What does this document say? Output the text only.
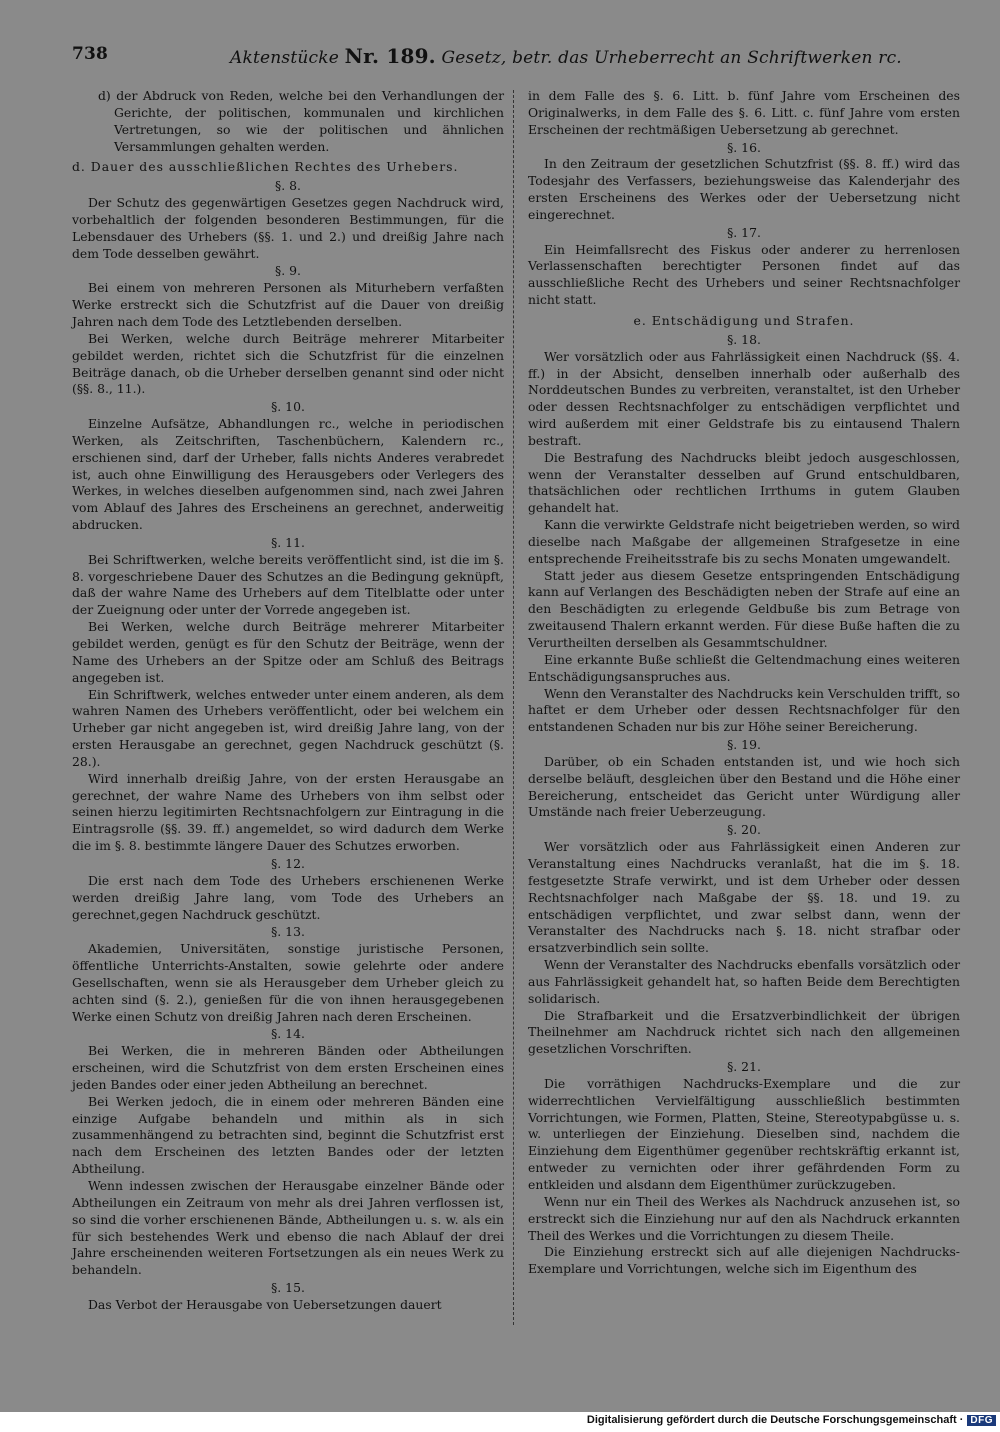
738	Aktenstücke Nr. 189. Gesetz, betr. das Urheberrecht an Schriftwerken rc.

d) der Abdruck von Reden, welche bei den Verhandlungen der Gerichte, der politischen, kommunalen und kirchlichen Vertretungen, so wie der politischen und ähnlichen Versammlungen gehalten werden.

d. Dauer des ausschließlichen Rechtes des Urhebers.

§. 8.

Der Schutz des gegenwärtigen Gesetzes gegen Nachdruck wird, vorbehaltlich der folgenden besonderen Bestimmungen, für die Lebensdauer des Urhebers (§§. 1. und 2.) und dreißig Jahre nach dem Tode desselben gewährt.

§. 9.

Bei einem von mehreren Personen als Miturhebern verfaßten Werke erstreckt sich die Schutzfrist auf die Dauer von dreißig Jahren nach dem Tode des Letztlebenden derselben.

Bei Werken, welche durch Beiträge mehrerer Mitarbeiter gebildet werden, richtet sich die Schutzfrist für die einzelnen Beiträge danach, ob die Urheber derselben genannt sind oder nicht (§§. 8., 11.).

§. 10.

Einzelne Aufsätze, Abhandlungen rc., welche in periodischen Werken, als Zeitschriften, Taschenbüchern, Kalendern rc., erschienen sind, darf der Urheber, falls nichts Anderes verabredet ist, auch ohne Einwilligung des Herausgebers oder Verlegers des Werkes, in welches dieselben aufgenommen sind, nach zwei Jahren vom Ablauf des Jahres des Erscheinens an gerechnet, anderweitig abdrucken.

§. 11.

Bei Schriftwerken, welche bereits veröffentlicht sind, ist die im §. 8. vorgeschriebene Dauer des Schutzes an die Bedingung geknüpft, daß der wahre Name des Urhebers auf dem Titelblatte oder unter der Zueignung oder unter der Vorrede angegeben ist.

Bei Werken, welche durch Beiträge mehrerer Mitarbeiter gebildet werden, genügt es für den Schutz der Beiträge, wenn der Name des Urhebers an der Spitze oder am Schluß des Beitrags angegeben ist.

Ein Schriftwerk, welches entweder unter einem anderen, als dem wahren Namen des Urhebers veröffentlicht, oder bei welchem ein Urheber gar nicht angegeben ist, wird dreißig Jahre lang, von der ersten Herausgabe an gerechnet, gegen Nachdruck geschützt (§. 28.).

Wird innerhalb dreißig Jahre, von der ersten Herausgabe an gerechnet, der wahre Name des Urhebers von ihm selbst oder seinen hierzu legitimirten Rechtsnachfolgern zur Eintragung in die Eintragsrolle (§§. 39. ff.) angemeldet, so wird dadurch dem Werke die im §. 8. bestimmte längere Dauer des Schutzes erworben.

§. 12.

Die erst nach dem Tode des Urhebers erschienenen Werke werden dreißig Jahre lang, vom Tode des Urhebers an gerechnet,gegen Nachdruck geschützt.

§. 13.

Akademien, Universitäten, sonstige juristische Personen, öffentliche Unterrichts-Anstalten, sowie gelehrte oder andere Gesellschaften, wenn sie als Herausgeber dem Urheber gleich zu achten sind (§. 2.), genießen für die von ihnen herausgegebenen Werke einen Schutz von dreißig Jahren nach deren Erscheinen.

§. 14.

Bei Werken, die in mehreren Bänden oder Abtheilungen erscheinen, wird die Schutzfrist von dem ersten Erscheinen eines jeden Bandes oder einer jeden Abtheilung an berechnet.

Bei Werken jedoch, die in einem oder mehreren Bänden eine einzige Aufgabe behandeln und mithin als in sich zusammenhängend zu betrachten sind, beginnt die Schutzfrist erst nach dem Erscheinen des letzten Bandes oder der letzten Abtheilung.

Wenn indessen zwischen der Herausgabe einzelner Bände oder Abtheilungen ein Zeitraum von mehr als drei Jahren verflossen ist, so sind die vorher erschienenen Bände, Abtheilungen u. s. w. als ein für sich bestehendes Werk und ebenso die nach Ablauf der drei Jahre erscheinenden weiteren Fortsetzungen als ein neues Werk zu behandeln.

§. 15.

Das Verbot der Herausgabe von Uebersetzungen dauert

in dem Falle des §. 6. Litt. b. fünf Jahre vom Erscheinen des Originalwerks, in dem Falle des §. 6. Litt. c. fünf Jahre vom ersten Erscheinen der rechtmäßigen Uebersetzung ab gerechnet.

§. 16.

In den Zeitraum der gesetzlichen Schutzfrist (§§. 8. ff.) wird das Todesjahr des Verfassers, beziehungsweise das Kalenderjahr des ersten Erscheinens des Werkes oder der Uebersetzung nicht eingerechnet.

§. 17.

Ein Heimfallsrecht des Fiskus oder anderer zu herrenlosen Verlassenschaften berechtigter Personen findet auf das ausschließliche Recht des Urhebers und seiner Rechtsnachfolger nicht statt.

e. Entschädigung und Strafen.

§. 18.

Wer vorsätzlich oder aus Fahrlässigkeit einen Nachdruck (§§. 4. ff.) in der Absicht, denselben innerhalb oder außerhalb des Norddeutschen Bundes zu verbreiten, veranstaltet, ist den Urheber oder dessen Rechtsnachfolger zu entschädigen verpflichtet und wird außerdem mit einer Geldstrafe bis zu eintausend Thalern bestraft.

Die Bestrafung des Nachdrucks bleibt jedoch ausgeschlossen, wenn der Veranstalter desselben auf Grund entschuldbaren, thatsächlichen oder rechtlichen Irrthums in gutem Glauben gehandelt hat.

Kann die verwirkte Geldstrafe nicht beigetrieben werden, so wird dieselbe nach Maßgabe der allgemeinen Strafgesetze in eine entsprechende Freiheitsstrafe bis zu sechs Monaten umgewandelt.

Statt jeder aus diesem Gesetze entspringenden Entschädigung kann auf Verlangen des Beschädigten neben der Strafe auf eine an den Beschädigten zu erlegende Geldbuße bis zum Betrage von zweitausend Thalern erkannt werden. Für diese Buße haften die zu Verurtheilten derselben als Gesammtschuldner.

Eine erkannte Buße schließt die Geltendmachung eines weiteren Entschädigungsanspruches aus.

Wenn den Veranstalter des Nachdrucks kein Verschulden trifft, so haftet er dem Urheber oder dessen Rechtsnachfolger für den entstandenen Schaden nur bis zur Höhe seiner Bereicherung.

§. 19.

Darüber, ob ein Schaden entstanden ist, und wie hoch sich derselbe beläuft, desgleichen über den Bestand und die Höhe einer Bereicherung, entscheidet das Gericht unter Würdigung aller Umstände nach freier Ueberzeugung.

§. 20.

Wer vorsätzlich oder aus Fahrlässigkeit einen Anderen zur Veranstaltung eines Nachdrucks veranlaßt, hat die im §. 18. festgesetzte Strafe verwirkt, und ist dem Urheber oder dessen Rechtsnachfolger nach Maßgabe der §§. 18. und 19. zu entschädigen verpflichtet, und zwar selbst dann, wenn der Veranstalter des Nachdrucks nach §. 18. nicht strafbar oder ersatzverbindlich sein sollte.

Wenn der Veranstalter des Nachdrucks ebenfalls vorsätzlich oder aus Fahrlässigkeit gehandelt hat, so haften Beide dem Berechtigten solidarisch.

Die Strafbarkeit und die Ersatzverbindlichkeit der übrigen Theilnehmer am Nachdruck richtet sich nach den allgemeinen gesetzlichen Vorschriften.

§. 21.

Die vorräthigen Nachdrucks-Exemplare und die zur widerrechtlichen Vervielfältigung ausschließlich bestimmten Vorrichtungen, wie Formen, Platten, Steine, Stereotypabgüsse u. s. w. unterliegen der Einziehung. Dieselben sind, nachdem die Einziehung dem Eigenthümer gegenüber rechtskräftig erkannt ist, entweder zu vernichten oder ihrer gefährdenden Form zu entkleiden und alsdann dem Eigenthümer zurückzugeben.

Wenn nur ein Theil des Werkes als Nachdruck anzusehen ist, so erstreckt sich die Einziehung nur auf den als Nachdruck erkannten Theil des Werkes und die Vorrichtungen zu diesem Theile.

Die Einziehung erstreckt sich auf alle diejenigen Nachdrucks-Exemplare und Vorrichtungen, welche sich im Eigenthum des

Digitalisierung gefördert durch die Deutsche Forschungsgemeinschaft · DFG
